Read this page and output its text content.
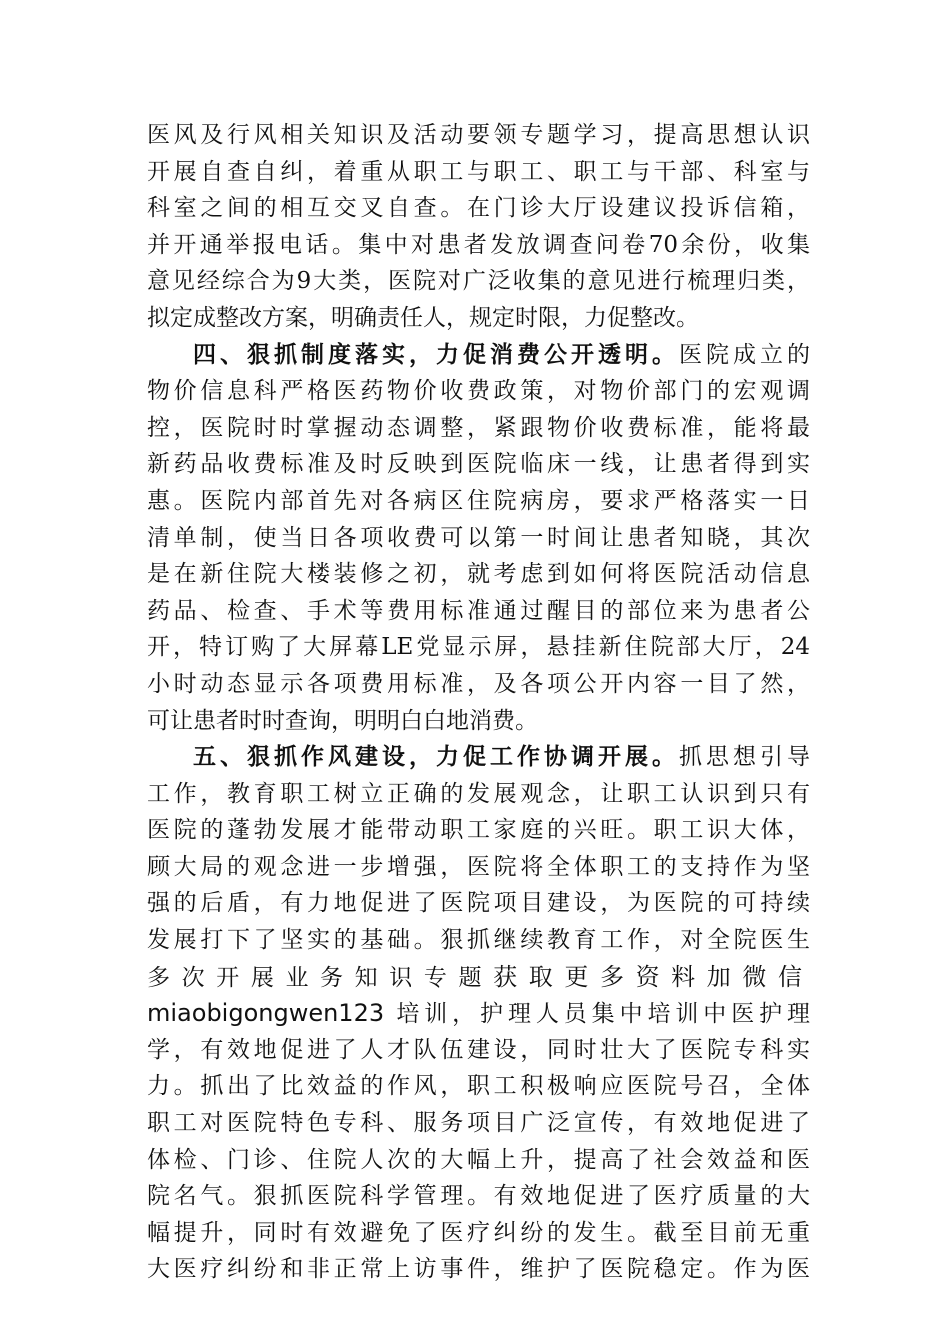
医风及行风相关知识及活动要领专题学习，提高思想认识
开展自查自纠，着重从职工与职工、职工与干部、科室与
科室之间的相互交叉自查。在门诊大厅设建议投诉信箱，
并开通举报电话。集中对患者发放调查问卷70余份，收集
意见经综合为9大类，医院对广泛收集的意见进行梳理归类，
拟定成整改方案，明确责任人，规定时限，力促整改。
四、狠抓制度落实，力促消费公开透明。医院成立的
物价信息科严格医药物价收费政策，对物价部门的宏观调
控，医院时时掌握动态调整，紧跟物价收费标准，能将最
新药品收费标准及时反映到医院临床一线，让患者得到实
惠。医院内部首先对各病区住院病房，要求严格落实一日
清单制，使当日各项收费可以第一时间让患者知晓，其次
是在新住院大楼装修之初，就考虑到如何将医院活动信息
药品、检查、手术等费用标准通过醒目的部位来为患者公
开，特订购了大屏幕LE党显示屏，悬挂新住院部大厅，24
小时动态显示各项费用标准，及各项公开内容一目了然，
可让患者时时查询，明明白白地消费。
五、狠抓作风建设，力促工作协调开展。抓思想引导
工作，教育职工树立正确的发展观念，让职工认识到只有
医院的蓬勃发展才能带动职工家庭的兴旺。职工识大体，
顾大局的观念进一步增强，医院将全体职工的支持作为坚
强的后盾，有力地促进了医院项目建设，为医院的可持续
发展打下了坚实的基础。狠抓继续教育工作，对全院医生
多次开展业务知识专题获取更多资料加微信
miaobigongwen123 培训，护理人员集中培训中医护理
学，有效地促进了人才队伍建设，同时壮大了医院专科实
力。抓出了比效益的作风，职工积极响应医院号召，全体
职工对医院特色专科、服务项目广泛宣传，有效地促进了
体检、门诊、住院人次的大幅上升，提高了社会效益和医
院名气。狠抓医院科学管理。有效地促进了医疗质量的大
幅提升，同时有效避免了医疗纠纷的发生。截至目前无重
大医疗纠纷和非正常上访事件，维护了医院稳定。作为医
